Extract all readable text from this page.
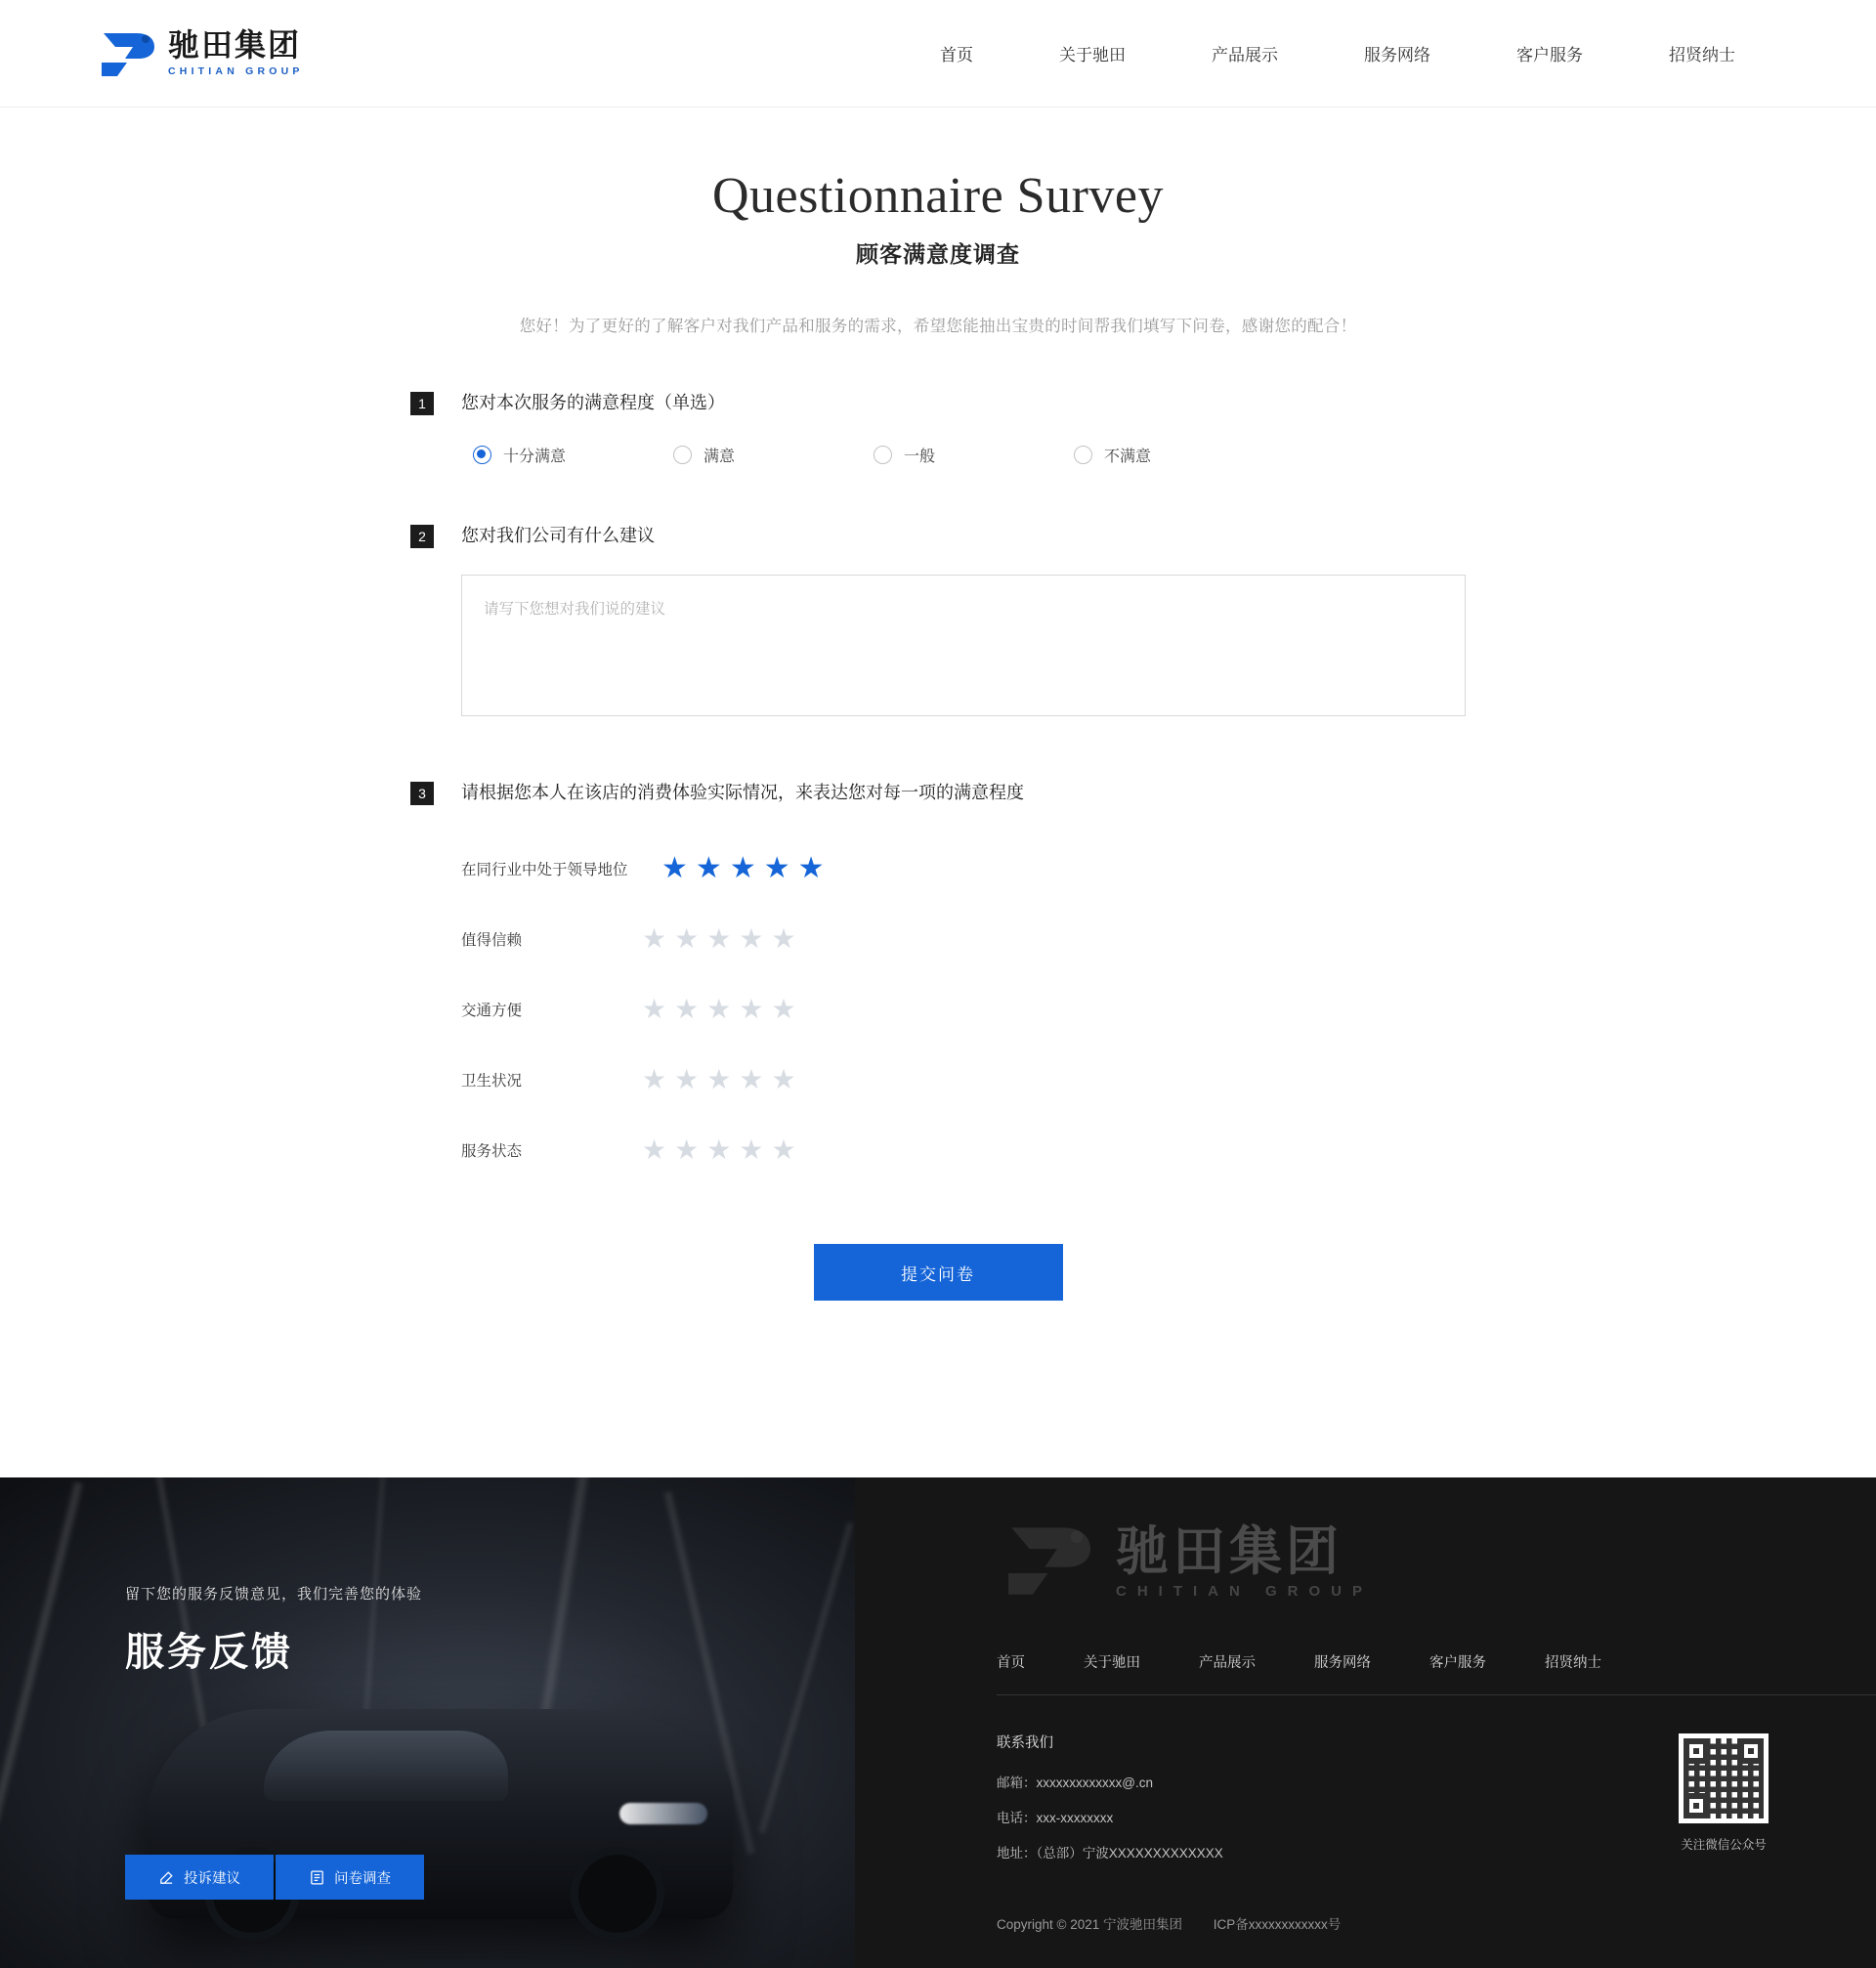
驰田集团
CHITIAN GROUP
首页	关于驰田	产品展示	服务网络	客户服务	招贤纳士
Questionnaire Survey
顾客满意度调查
您好！为了更好的了解客户对我们产品和服务的需求，希望您能抽出宝贵的时间帮我们填写下问卷，感谢您的配合！
1	您对本次服务的满意程度（单选）
十分满意	满意	一般	不满意
2	您对我们公司有什么建议
请写下您想对我们说的建议
3	请根据您本人在该店的消费体验实际情况，来表达您对每一项的满意程度
在同行业中处于领导地位	★ ★ ★ ★ ★
值得信赖	★ ★ ★ ★ ★
交通方便	★ ★ ★ ★ ★
卫生状况	★ ★ ★ ★ ★
服务状态	★ ★ ★ ★ ★
提交问卷
留下您的服务反馈意见，我们完善您的体验
服务反馈
投诉建议	问卷调查
驰田集团
CHITIAN GROUP
首页	关于驰田	产品展示	服务网络	客户服务	招贤纳士
联系我们
邮箱：xxxxxxxxxxxxx@.cn
电话：xxx-xxxxxxxx
地址：（总部）宁波XXXXXXXXXXXXX
关注微信公众号
Copyright © 2021 宁波驰田集团 ICP备xxxxxxxxxxxx号
